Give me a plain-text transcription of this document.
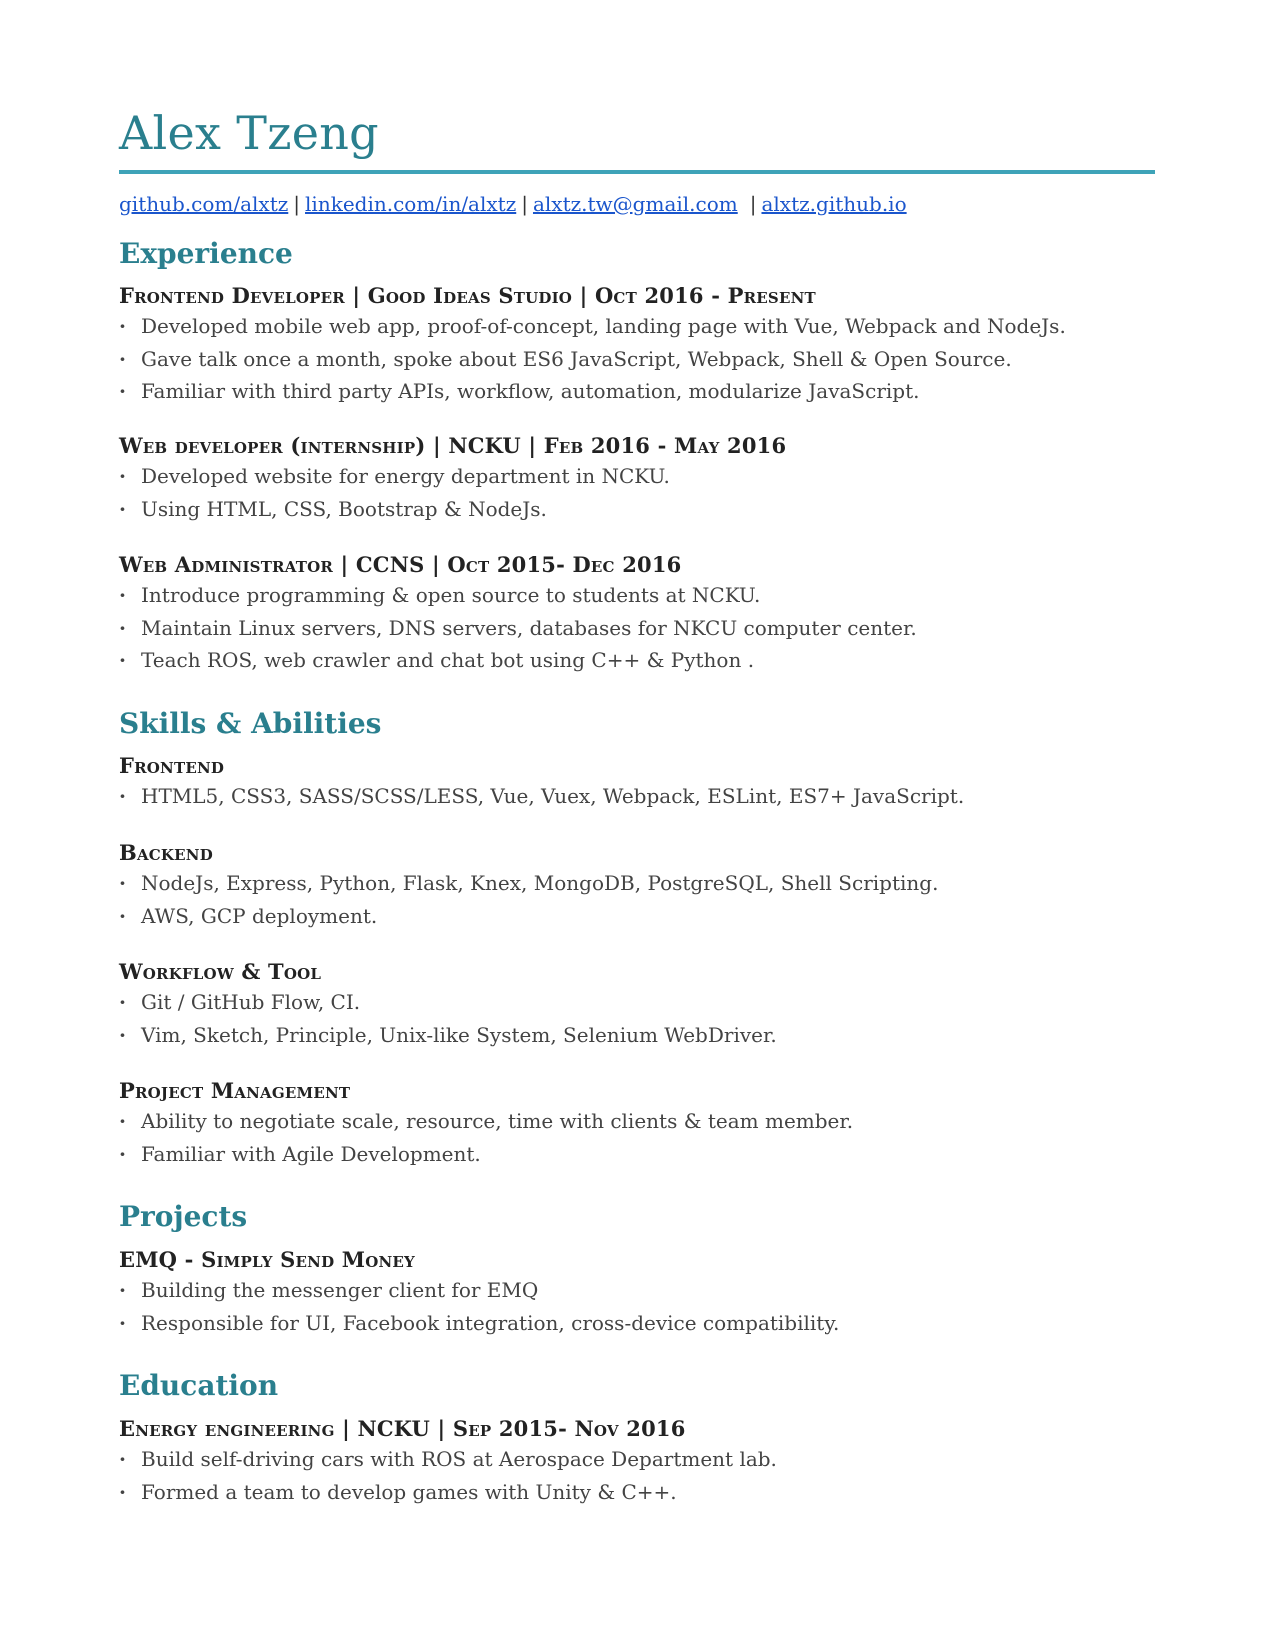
Alex Tzeng
github.com/alxtz | linkedin.com/in/alxtz | alxtz.tw@gmail.com | alxtz.github.io
Experience
Frontend Developer | Good Ideas Studio | Oct 2016 - Present
· Developed mobile web app, proof-of-concept, landing page with Vue, Webpack and NodeJs.
· Gave talk once a month, spoke about ES6 JavaScript, Webpack, Shell & Open Source.
· Familiar with third party APIs, workflow, automation, modularize JavaScript.
Web developer (internship) | NCKU | Feb 2016 - May 2016
· Developed website for energy department in NCKU.
· Using HTML, CSS, Bootstrap & NodeJs.
Web Administrator | CCNS | Oct 2015- Dec 2016
· Introduce programming & open source to students at NCKU.
· Maintain Linux servers, DNS servers, databases for NKCU computer center.
· Teach ROS, web crawler and chat bot using C++ & Python .
Skills & Abilities
Frontend
· HTML5, CSS3, SASS/SCSS/LESS, Vue, Vuex, Webpack, ESLint, ES7+ JavaScript.
Backend
· NodeJs, Express, Python, Flask, Knex, MongoDB, PostgreSQL, Shell Scripting.
· AWS, GCP deployment.
Workflow & Tool
· Git / GitHub Flow, CI.
· Vim, Sketch, Principle, Unix-like System, Selenium WebDriver.
Project Management
· Ability to negotiate scale, resource, time with clients & team member.
· Familiar with Agile Development.
Projects
EMQ - Simply Send Money
· Building the messenger client for EMQ
· Responsible for UI, Facebook integration, cross-device compatibility.
Education
Energy engineering | NCKU | Sep 2015- Nov 2016
· Build self-driving cars with ROS at Aerospace Department lab.
· Formed a team to develop games with Unity & C++.
